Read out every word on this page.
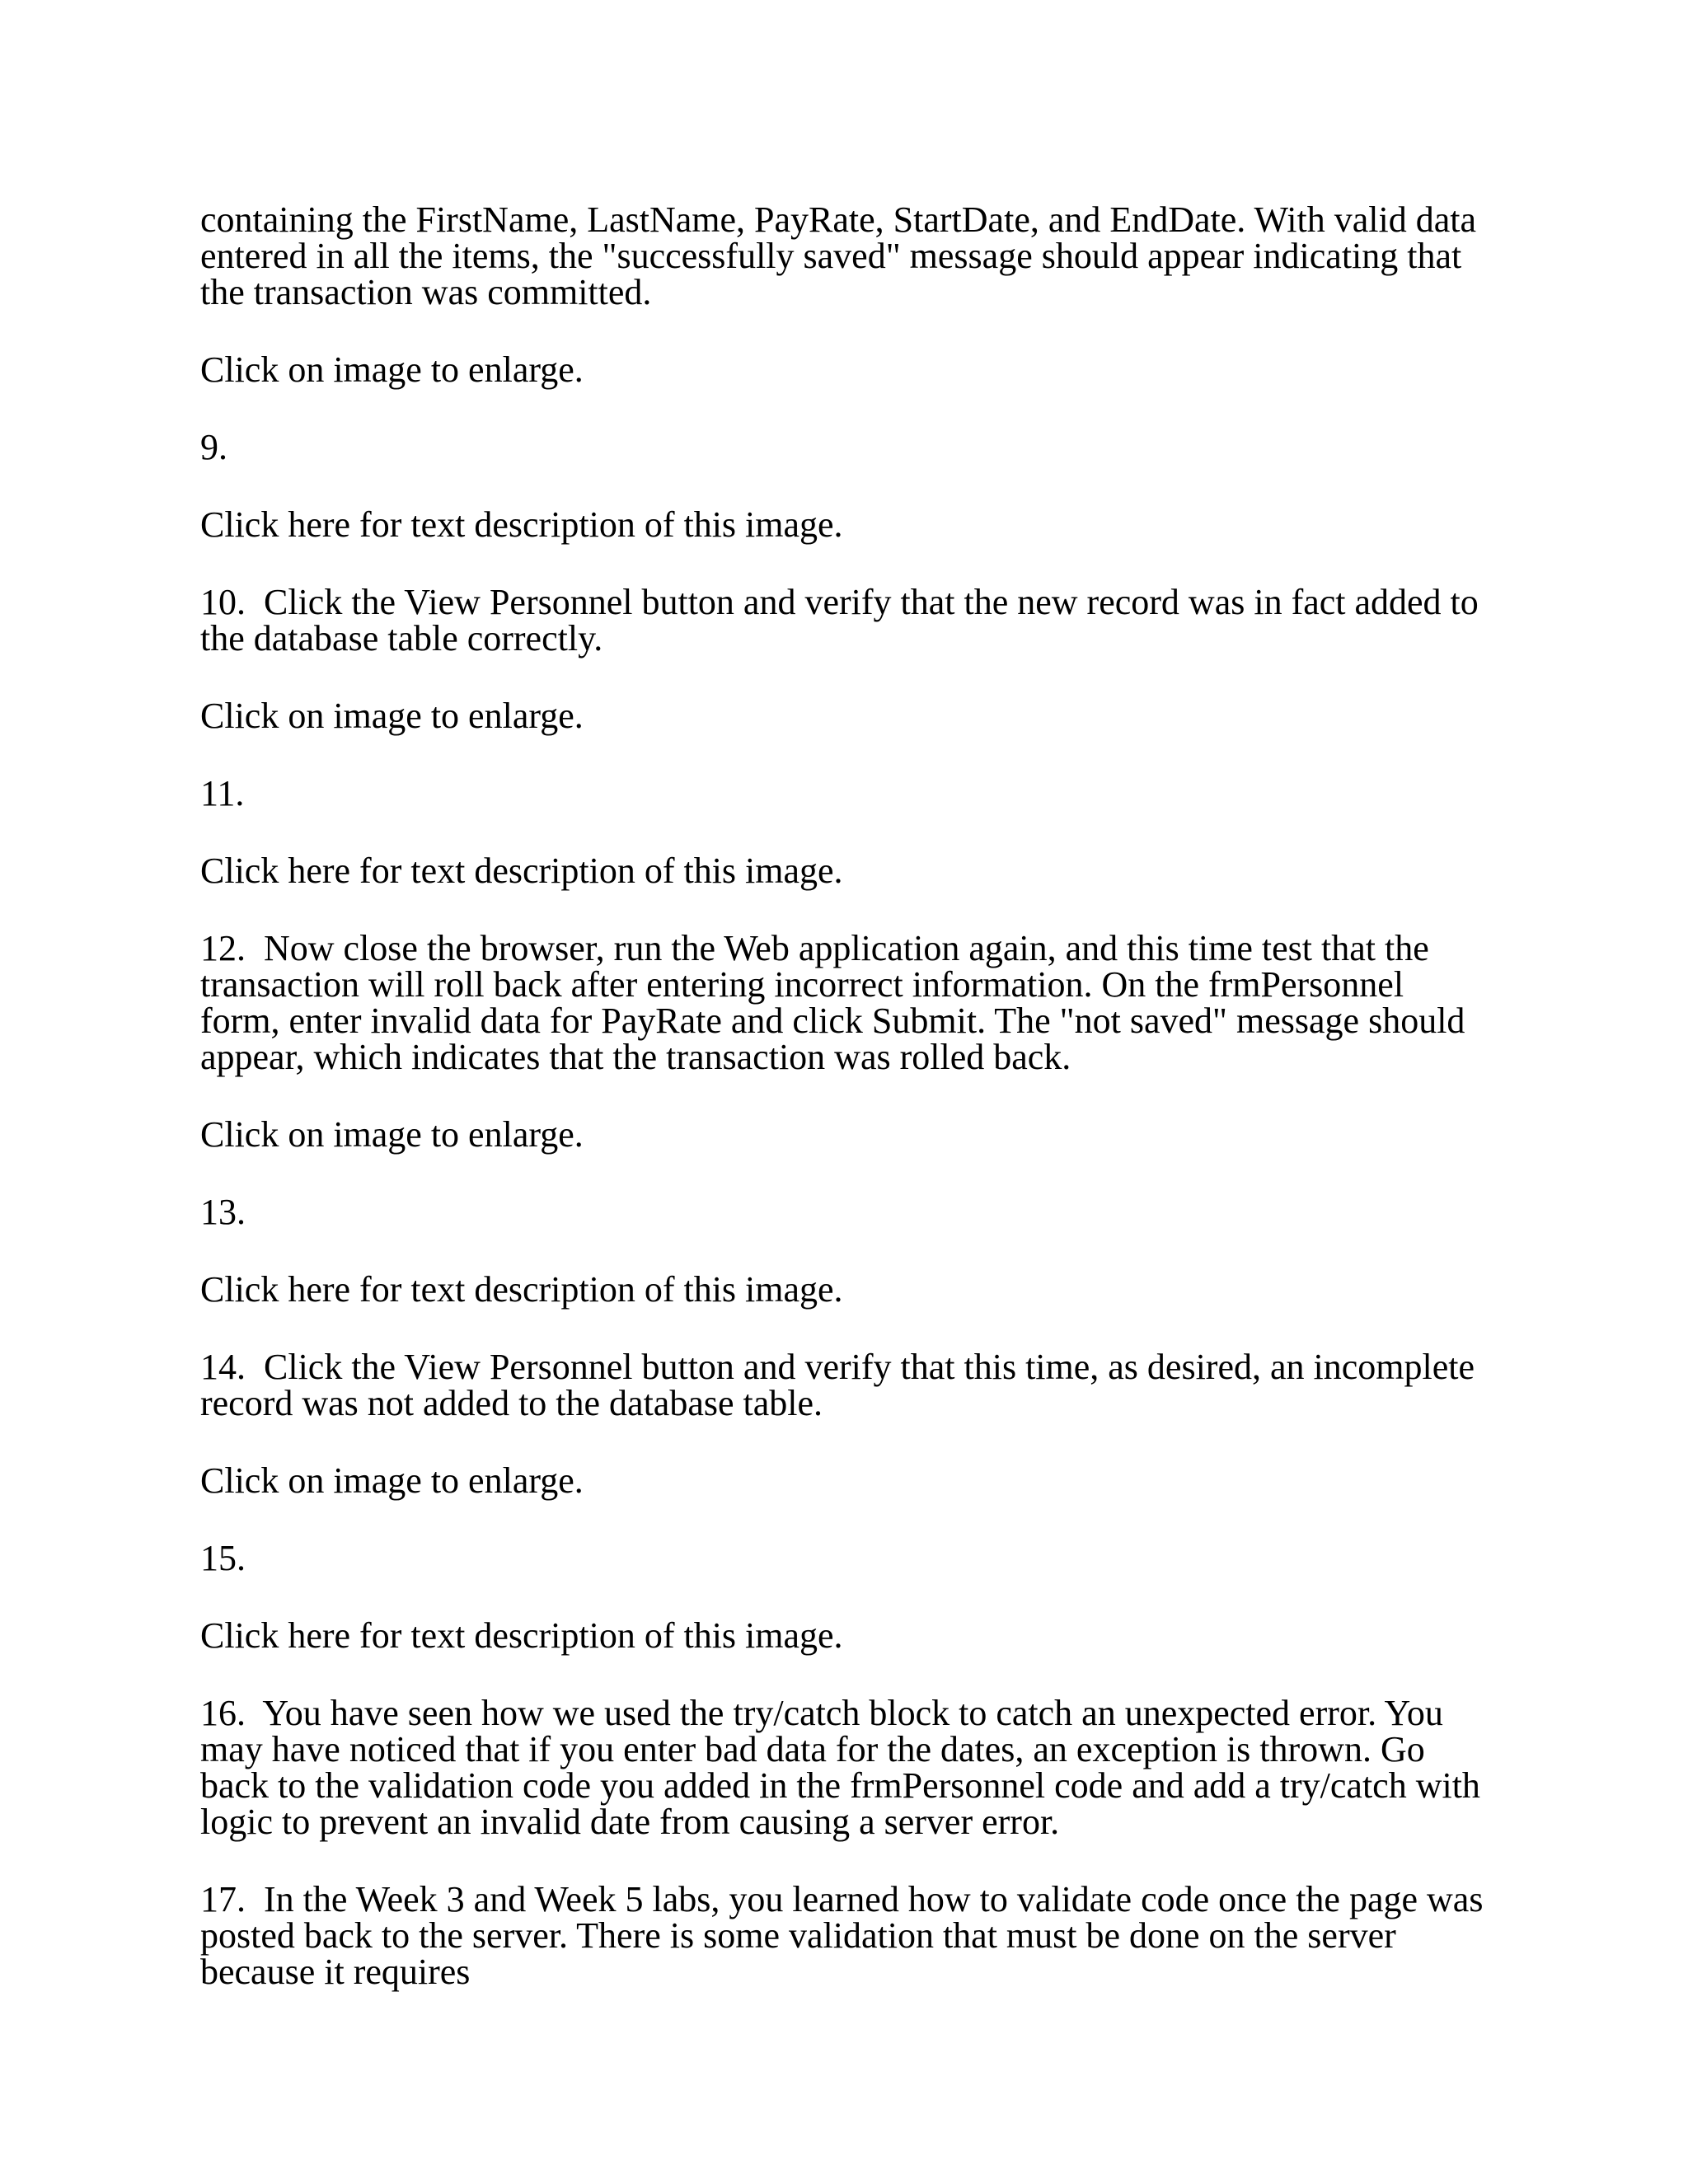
containing the FirstName, LastName, PayRate, StartDate, and EndDate. With valid data entered in all the items, the "successfully saved" message should appear indicating that the transaction was committed.

Click on image to enlarge.

9.

Click here for text description of this image.

10.  Click the View Personnel button and verify that the new record was in fact added to the database table correctly.

Click on image to enlarge.

11.

Click here for text description of this image.

12.  Now close the browser, run the Web application again, and this time test that the transaction will roll back after entering incorrect information. On the frmPersonnel form, enter invalid data for PayRate and click Submit. The "not saved" message should appear, which indicates that the transaction was rolled back.

Click on image to enlarge.

13.

Click here for text description of this image.

14.  Click the View Personnel button and verify that this time, as desired, an incomplete record was not added to the database table.

Click on image to enlarge.

15.

Click here for text description of this image.

16.  You have seen how we used the try/catch block to catch an unexpected error. You may have noticed that if you enter bad data for the dates, an exception is thrown. Go back to the validation code you added in the frmPersonnel code and add a try/catch with logic to prevent an invalid date from causing a server error.

17.  In the Week 3 and Week 5 labs, you learned how to validate code once the page was posted back to the server. There is some validation that must be done on the server because it requires
